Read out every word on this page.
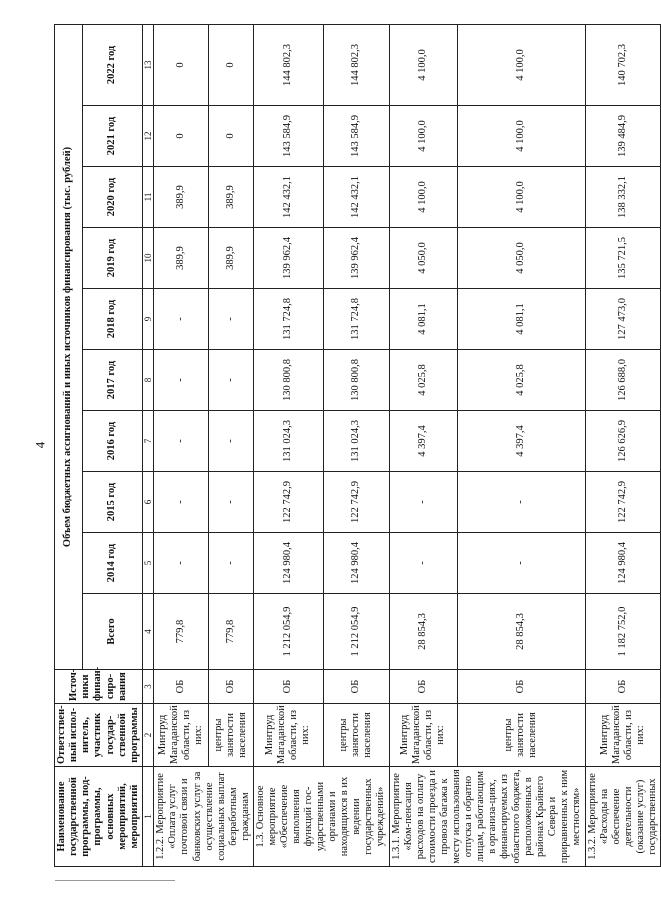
4
Наименование государственной программы, под-программы, основных мероприятий, мероприятий	Ответствен-ный испол-нитель, участник государ-ственной программы	Источ-ники финан-сиро-вания	Объем бюджетных ассигнований и иных источников финансирования (тыс. рублей)									
			Всего	2014 год	2015 год	2016 год	2017 год	2018 год	2019 год	2020 год	2021 год	2022 год
1	2	3	4	5	6	7	8	9	10	11	12	13
1.2.2. Мероприятие «Оплата услуг почтовой связи и банковских услуг за осуществление социальных выплат безработным гражданам	Минтруд Магаданской области, из них:	ОБ	779,8	-	-	-	-	-	389,9	389,9	0	0
	центры занятости населения	ОБ	779,8	-	-	-	-	-	389,9	389,9	0	0
1.3. Основное мероприятие «Обеспечение выполнения функций гос-ударственными органами и находящихся в их ведении государственных учреждений»	Минтруд Магаданской области, из них:	ОБ	1 212 054,9	124 980,4	122 742,9	131 024,3	130 800,8	131 724,8	139 962,4	142 432,1	143 584,9	144 802,3
	центры занятости населения	ОБ	1 212 054,9	124 980,4	122 742,9	131 024,3	130 800,8	131 724,8	139 962,4	142 432,1	143 584,9	144 802,3
1.3.1. Мероприятие «Ком-пенсация расходов на оплату стоимости проезда и провоза багажа к месту использования отпуска и обратно лицам, работающим в организа-циях, финансируемых из областного бюджета, расположенных в районах Крайнего Севера и приравненных к ним местностям»	Минтруд Магаданской области, из них:	ОБ	28 854,3	-	-	4 397,4	4 025,8	4 081,1	4 050,0	4 100,0	4 100,0	4 100,0
	центры занятости населения	ОБ	28 854,3	-	-	4 397,4	4 025,8	4 081,1	4 050,0	4 100,0	4 100,0	4 100,0
1.3.2. Мероприятие «Расходы на обеспечение деятельности (оказание услуг) государственных	Минтруд Магаданской области, из них:	ОБ	1 182 752,0	124 980,4	122 742,9	126 626,9	126 688,0	127 473,0	135 721,5	138 332,1	139 484,9	140 702,3
